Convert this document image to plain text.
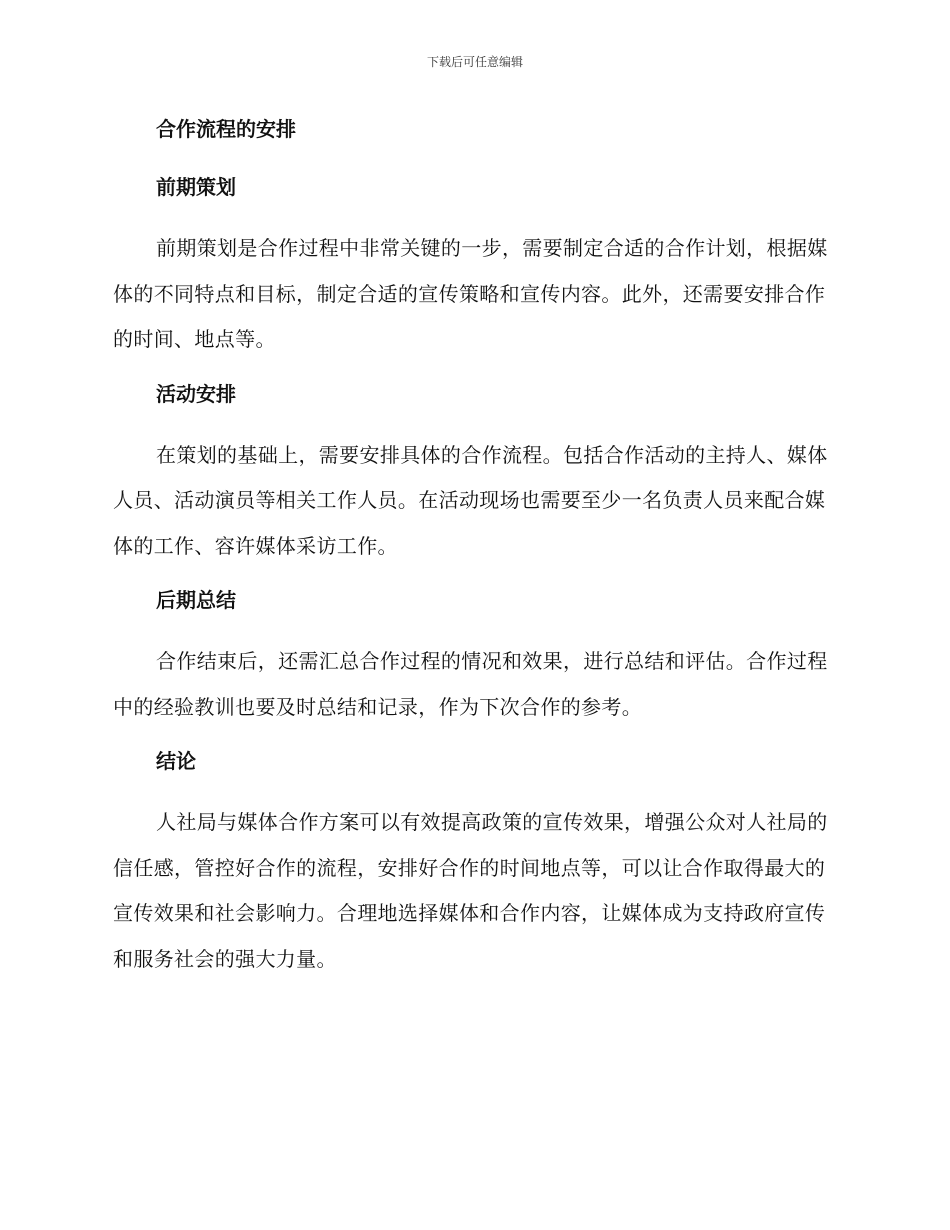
下载后可任意编辑
合作流程的安排
前期策划

前期策划是合作过程中非常关键的一步，需要制定合适的合作计划，根据媒体的不同特点和目标，制定合适的宣传策略和宣传内容。此外，还需要安排合作的时间、地点等。

活动安排

在策划的基础上，需要安排具体的合作流程。包括合作活动的主持人、媒体人员、活动演员等相关工作人员。在活动现场也需要至少一名负责人员来配合媒体的工作、容许媒体采访工作。

后期总结

合作结束后，还需汇总合作过程的情况和效果，进行总结和评估。合作过程中的经验教训也要及时总结和记录，作为下次合作的参考。

结论

人社局与媒体合作方案可以有效提高政策的宣传效果，增强公众对人社局的信任感，管控好合作的流程，安排好合作的时间地点等，可以让合作取得最大的宣传效果和社会影响力。合理地选择媒体和合作内容，让媒体成为支持政府宣传和服务社会的强大力量。
